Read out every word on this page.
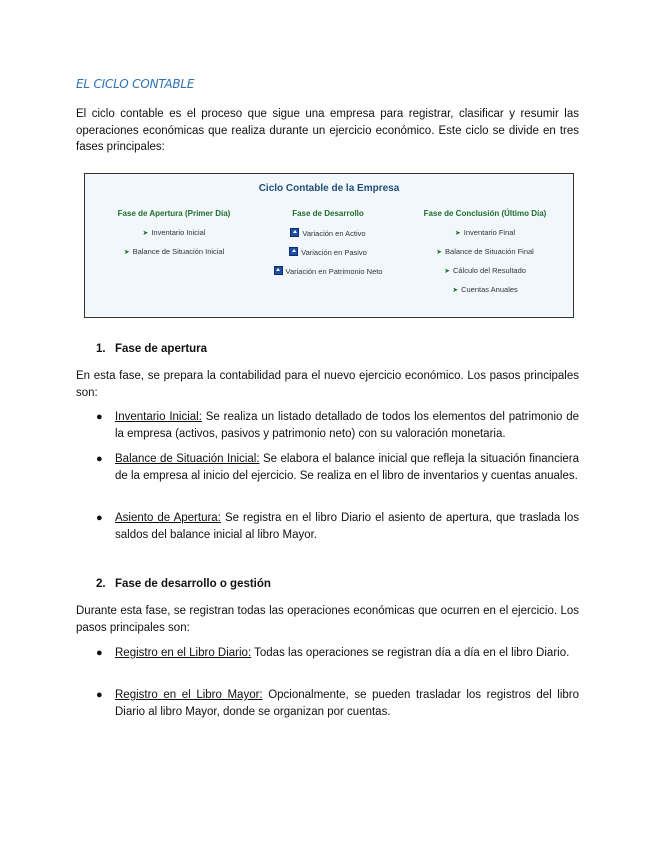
EL CICLO CONTABLE
El ciclo contable es el proceso que sigue una empresa para registrar, clasificar y resumir las operaciones económicas que realiza durante un ejercicio económico. Este ciclo se divide en tres fases principales:
Ciclo Contable de la Empresa
Fase de Apertura (Primer Día)
➤ Inventario Inicial
➤ Balance de Situación Inicial
Fase de Desarrollo
Variación en Activo
Variación en Pasivo
Variación en Patrimonio Neto
Fase de Conclusión (Último Día)
➤ Inventario Final
➤ Balance de Situación Final
➤ Cálculo del Resultado
➤ Cuentas Anuales
1. Fase de apertura
En esta fase, se prepara la contabilidad para el nuevo ejercicio económico. Los pasos principales son:
●	Inventario Inicial: Se realiza un listado detallado de todos los elementos del patrimonio de la empresa (activos, pasivos y patrimonio neto) con su valoración monetaria.
●	Balance de Situación Inicial: Se elabora el balance inicial que refleja la situación financiera de la empresa al inicio del ejercicio. Se realiza en el libro de inventarios y cuentas anuales.
●	Asiento de Apertura: Se registra en el libro Diario el asiento de apertura, que traslada los saldos del balance inicial al libro Mayor.
2. Fase de desarrollo o gestión
Durante esta fase, se registran todas las operaciones económicas que ocurren en el ejercicio. Los pasos principales son:
●	Registro en el Libro Diario: Todas las operaciones se registran día a día en el libro Diario.
●	Registro en el Libro Mayor: Opcionalmente, se pueden trasladar los registros del libro Diario al libro Mayor, donde se organizan por cuentas.
